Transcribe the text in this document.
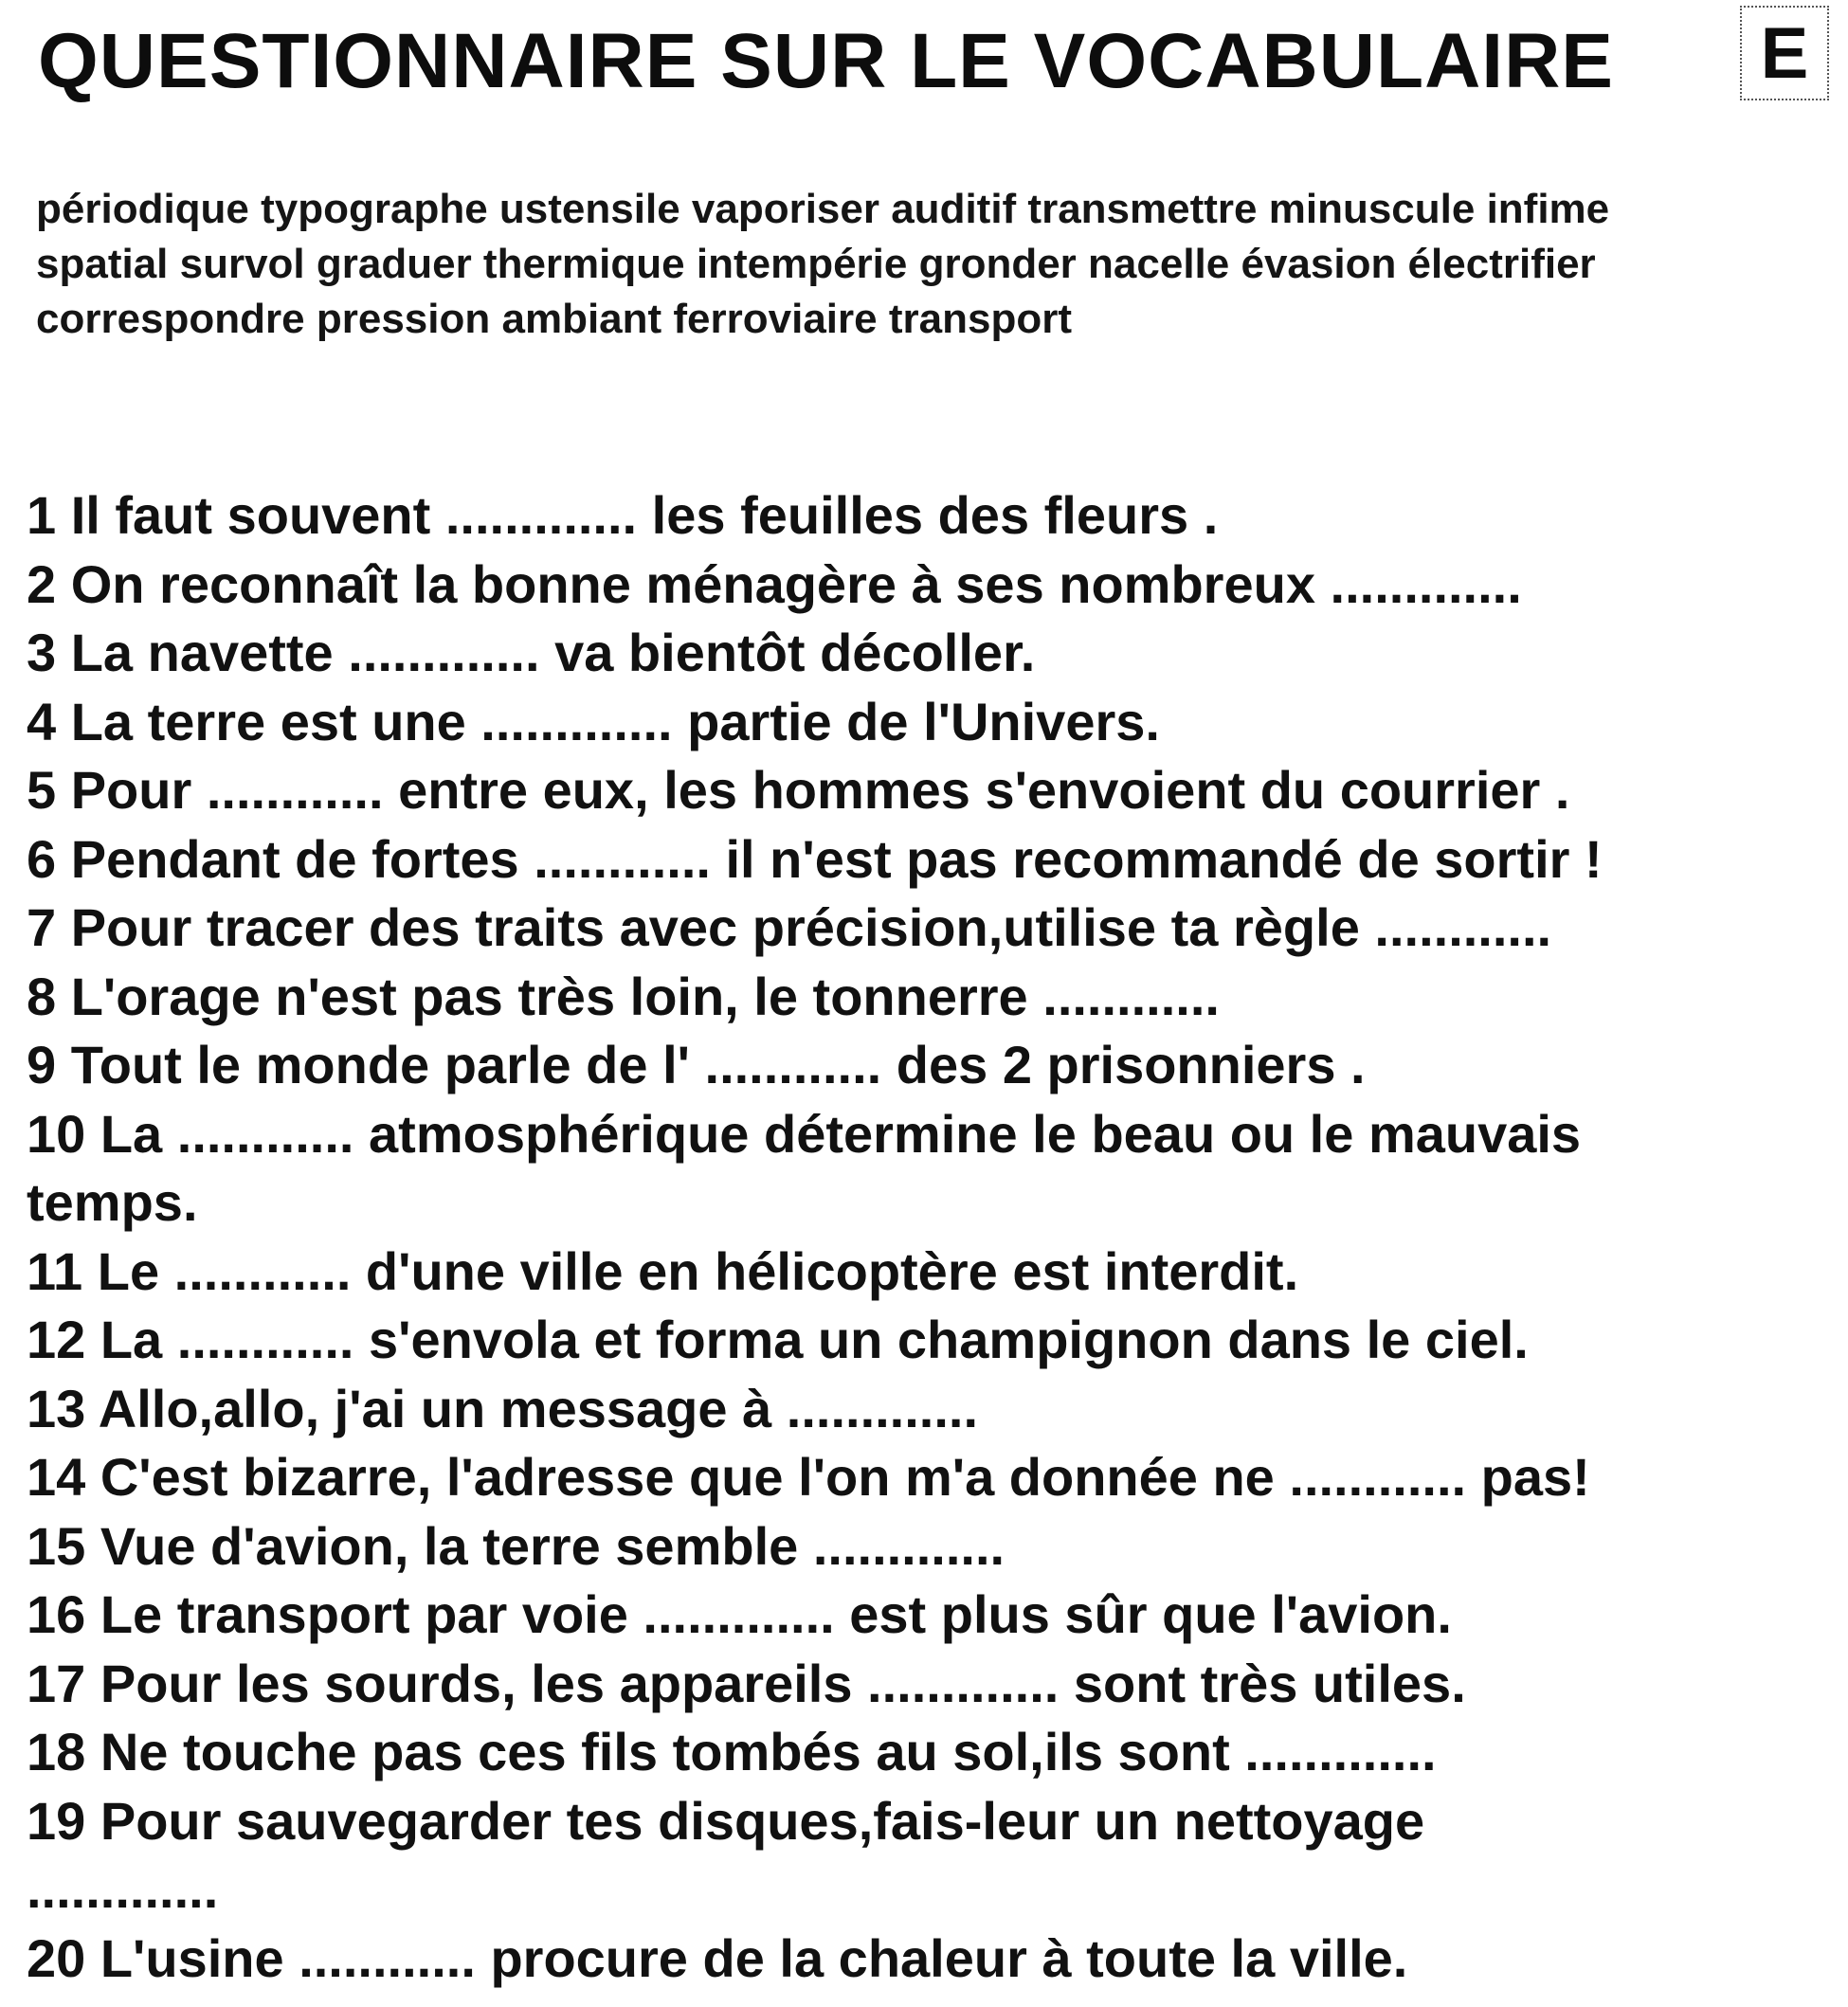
QUESTIONNAIRE SUR LE VOCABULAIRE E
périodique typographe ustensile vaporiser auditif transmettre minuscule infime
spatial survol graduer thermique intempérie gronder nacelle évasion électrifier
correspondre pression ambiant ferroviaire transport
1 Il faut souvent ............. les feuilles des fleurs .
2 On reconnaît la bonne ménagère à ses nombreux .............
3 La navette ............. va bientôt décoller.
4 La terre est une ............. partie de l'Univers.
5 Pour ............ entre eux, les hommes s'envoient du courrier .
6 Pendant de fortes ............ il n'est pas recommandé de sortir !
7 Pour tracer des traits avec précision,utilise ta règle ............
8 L'orage n'est pas très loin, le tonnerre ............
9 Tout le monde parle de l' ............ des 2 prisonniers .
10 La ............ atmosphérique détermine le beau ou le mauvais
temps.
11 Le ............ d'une ville en hélicoptère est interdit.
12 La ............ s'envola et forma un champignon dans le ciel.
13 Allo,allo, j'ai un message à .............
14 C'est bizarre, l'adresse que l'on m'a donnée ne ............ pas!
15 Vue d'avion, la terre semble .............
16 Le transport par voie ............. est plus sûr que l'avion.
17 Pour les sourds, les appareils ............. sont très utiles.
18 Ne touche pas ces fils tombés au sol,ils sont .............
19 Pour sauvegarder tes disques,fais-leur un nettoyage
.............
20 L'usine ............ procure de la chaleur à toute la ville.
